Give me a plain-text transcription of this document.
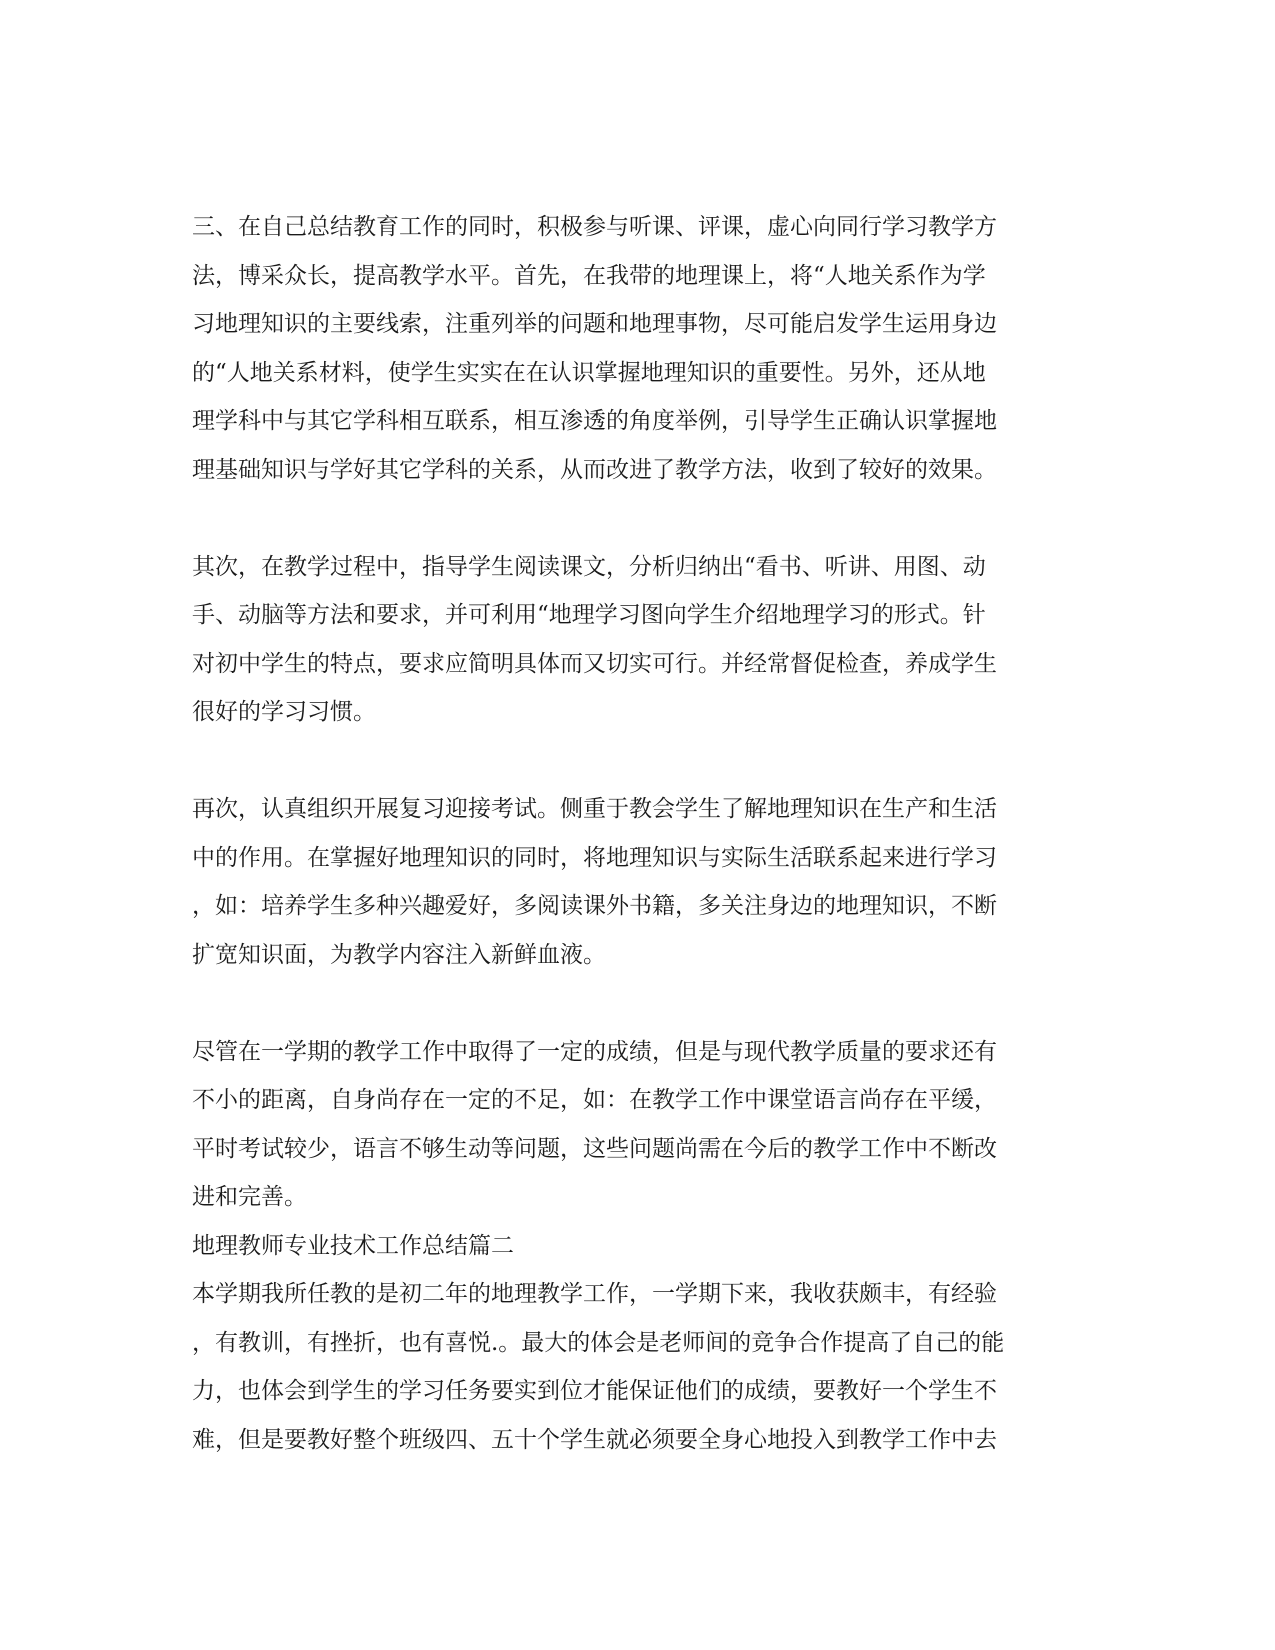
三、在自己总结教育工作的同时，积极参与听课、评课，虚心向同行学习教学方
法，博采众长，提高教学水平。首先，在我带的地理课上，将“人地关系作为学
习地理知识的主要线索，注重列举的问题和地理事物，尽可能启发学生运用身边
的“人地关系材料，使学生实实在在认识掌握地理知识的重要性。另外，还从地
理学科中与其它学科相互联系，相互渗透的角度举例，引导学生正确认识掌握地
理基础知识与学好其它学科的关系，从而改进了教学方法，收到了较好的效果。
其次，在教学过程中，指导学生阅读课文，分析归纳出“看书、听讲、用图、动
手、动脑等方法和要求，并可利用“地理学习图向学生介绍地理学习的形式。针
对初中学生的特点，要求应简明具体而又切实可行。并经常督促检查，养成学生
很好的学习习惯。
再次，认真组织开展复习迎接考试。侧重于教会学生了解地理知识在生产和生活
中的作用。在掌握好地理知识的同时，将地理知识与实际生活联系起来进行学习
，如：培养学生多种兴趣爱好，多阅读课外书籍，多关注身边的地理知识，不断
扩宽知识面，为教学内容注入新鲜血液。
尽管在一学期的教学工作中取得了一定的成绩，但是与现代教学质量的要求还有
不小的距离，自身尚存在一定的不足，如：在教学工作中课堂语言尚存在平缓，
平时考试较少，语言不够生动等问题，这些问题尚需在今后的教学工作中不断改
进和完善。
地理教师专业技术工作总结篇二
本学期我所任教的是初二年的地理教学工作，一学期下来，我收获颇丰，有经验
，有教训，有挫折，也有喜悦.。最大的体会是老师间的竞争合作提高了自己的能
力，也体会到学生的学习任务要实到位才能保证他们的成绩，要教好一个学生不
难，但是要教好整个班级四、五十个学生就必须要全身心地投入到教学工作中去
